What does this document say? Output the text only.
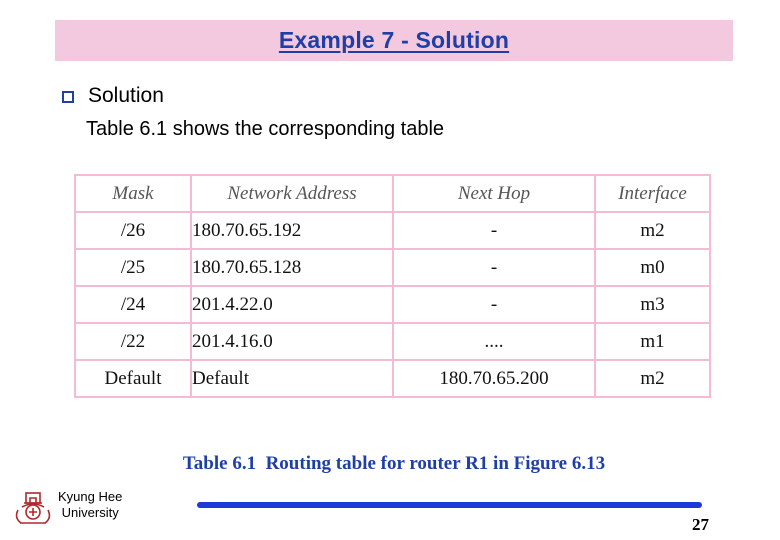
Example 7 - Solution
Solution
Table 6.1 shows the corresponding table
Mask	Network Address	Next Hop	Interface
/26	180.70.65.192	-	m2
/25	180.70.65.128	-	m0
/24	201.4.22.0	-	m3
/22	201.4.16.0	....	m1
Default	Default	180.70.65.200	m2
Table 6.1  Routing table for router R1 in Figure 6.13
Kyung Hee
University
27
